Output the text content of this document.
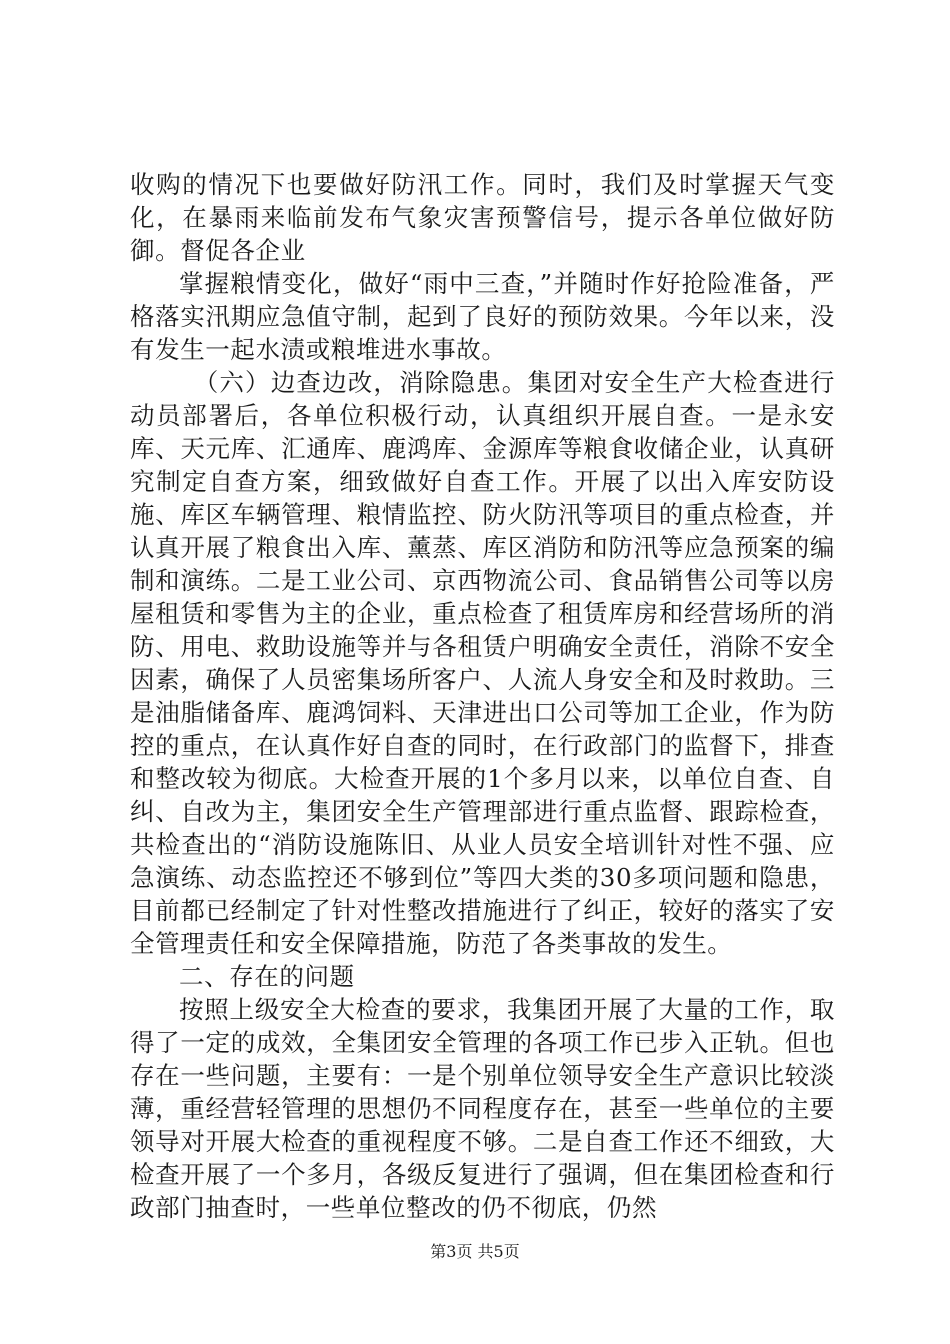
收购的情况下也要做好防汛工作。同时，我们及时掌握天气变化，在暴雨来临前发布气象灾害预警信号，提示各单位做好防御。督促各企业

掌握粮情变化，做好“雨中三查，”并随时作好抢险准备，严格落实汛期应急值守制，起到了良好的预防效果。今年以来，没有发生一起水渍或粮堆进水事故。

（六）边查边改，消除隐患。集团对安全生产大检查进行动员部署后，各单位积极行动，认真组织开展自查。一是永安库、天元库、汇通库、鹿鸿库、金源库等粮食收储企业，认真研究制定自查方案，细致做好自查工作。开展了以出入库安防设施、库区车辆管理、粮情监控、防火防汛等项目的重点检查，并认真开展了粮食出入库、薰蒸、库区消防和防汛等应急预案的编制和演练。二是工业公司、京西物流公司、食品销售公司等以房屋租赁和零售为主的企业，重点检查了租赁库房和经营场所的消防、用电、救助设施等并与各租赁户明确安全责任，消除不安全因素，确保了人员密集场所客户、人流人身安全和及时救助。三是油脂储备库、鹿鸿饲料、天津进出口公司等加工企业，作为防控的重点，在认真作好自查的同时，在行政部门的监督下，排查和整改较为彻底。大检查开展的1个多月以来，以单位自查、自纠、自改为主，集团安全生产管理部进行重点监督、跟踪检查，共检查出的“消防设施陈旧、从业人员安全培训针对性不强、应急演练、动态监控还不够到位”等四大类的30多项问题和隐患，目前都已经制定了针对性整改措施进行了纠正，较好的落实了安全管理责任和安全保障措施，防范了各类事故的发生。

二、存在的问题

按照上级安全大检查的要求，我集团开展了大量的工作，取得了一定的成效，全集团安全管理的各项工作已步入正轨。但也存在一些问题，主要有：一是个别单位领导安全生产意识比较淡薄，重经营轻管理的思想仍不同程度存在，甚至一些单位的主要领导对开展大检查的重视程度不够。二是自查工作还不细致，大检查开展了一个多月，各级反复进行了强调，但在集团检查和行政部门抽查时，一些单位整改的仍不彻底，仍然

第3页 共5页
